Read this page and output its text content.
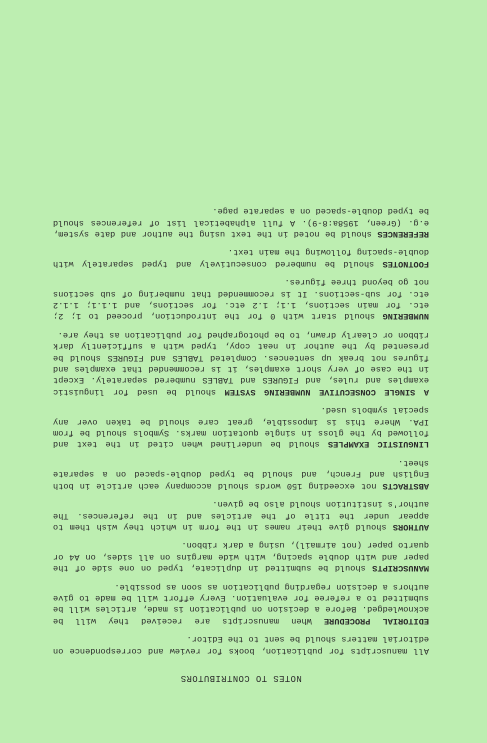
NOTES TO CONTRIBUTORS

All manuscripts for publication, books for review and correspondence on editorial matters should be sent to the Editor.

EDITORIAL PROCEDURE When manuscripts are received they will be acknowledged. Before a decision on publication is made, articles will be submitted to a referee for evaluation. Every effort will be made to give authors a decision regarding publication as soon as possible.

MANUSCRIPTS should be submitted in duplicate, typed on one side of the paper and with double spacing, with wide margins on all sides, on A4 or quarto paper (not airmail), using a dark ribbon.

AUTHORS should give their names in the form in which they wish them to appear under the title of the articles and in the references. The author's institution should also be given.

ABSTRACTS not exceeding 150 words should accompany each article in both English and French, and should be typed double-spaced on a separate sheet.

LINGUISTIC EXAMPLES should be underlined when cited in the text and followed by the gloss in single quotation marks. Symbols should be from IPA. Where this is impossible, great care should be taken over any special symbols used.

A SINGLE CONSECUTIVE NUMBERING SYSTEM should be used for linguistic examples and rules, and FIGURES and TABLES numbered separately. Except in the case of very short examples, it is recommended that examples and figures not break up sentences. Completed TABLES and FIGURES should be presented by the author in neat copy, typed with a sufficiently dark ribbon or clearly drawn, to be photographed for publication as they are.

NUMBERING should start with 0 for the introduction, proceed to 1; 2; etc. for main sections, 1.1; 1.2 etc. for sections, and 1.1.1; 1.1.2 etc. for sub-sections. It is recommended that numbering of sub sections not go beyond three figures.

FOOTNOTES should be numbered consecutively and typed separately with double-spacing following the main text.

REFERENCES should be noted in the text using the author and date system, e.g. (Green, 1958a:8-9). A full alphabetical list of references should be typed double-spaced on a separate page.
